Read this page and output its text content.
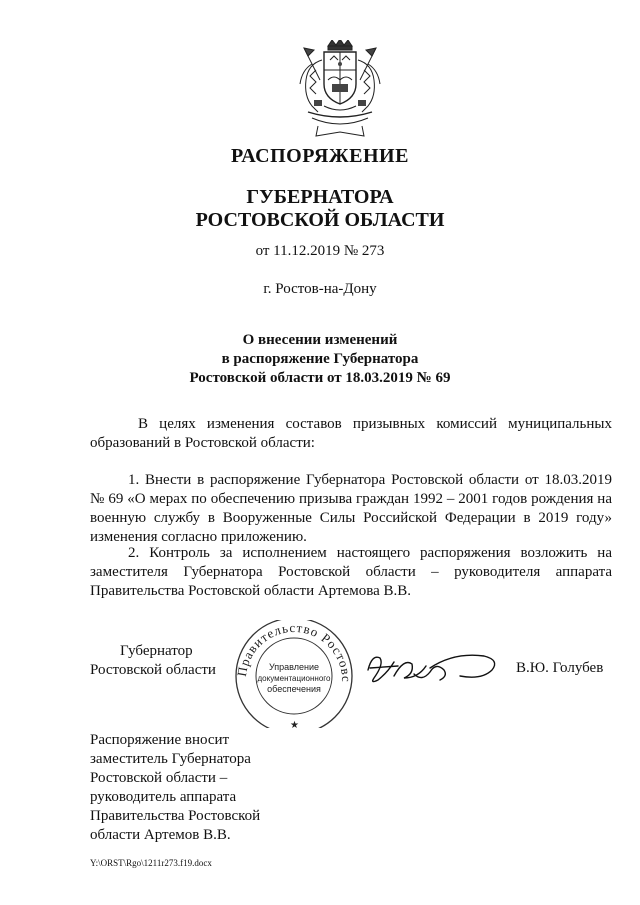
РАСПОРЯЖЕНИЕ
ГУБЕРНАТОРА
РОСТОВСКОЙ ОБЛАСТИ
от 11.12.2019 № 273
г. Ростов-на-Дону
О внесении изменений
в распоряжение Губернатора
Ростовской области от 18.03.2019 № 69
В целях изменения составов призывных комиссий муниципальных образований в Ростовской области:
1. Внести в распоряжение Губернатора Ростовской области от 18.03.2019 № 69 «О мерах по обеспечению призыва граждан 1992 – 2001 годов рождения на военную службу в Вооруженные Силы Российской Федерации в 2019 году» изменения согласно приложению.
2. Контроль за исполнением настоящего распоряжения возложить на заместителя Губернатора Ростовской области – руководителя аппарата Правительства Ростовской области Артемова В.В.
Губернатор
Ростовской области	Правительство Ростовс
Управление
документационного
обеспечения
★
В.Ю. Голубев
Распоряжение вносит
заместитель Губернатора
Ростовской области –
руководитель аппарата
Правительства Ростовской
области Артемов В.В.
Y:\ORST\Rgo\1211r273.f19.docx
